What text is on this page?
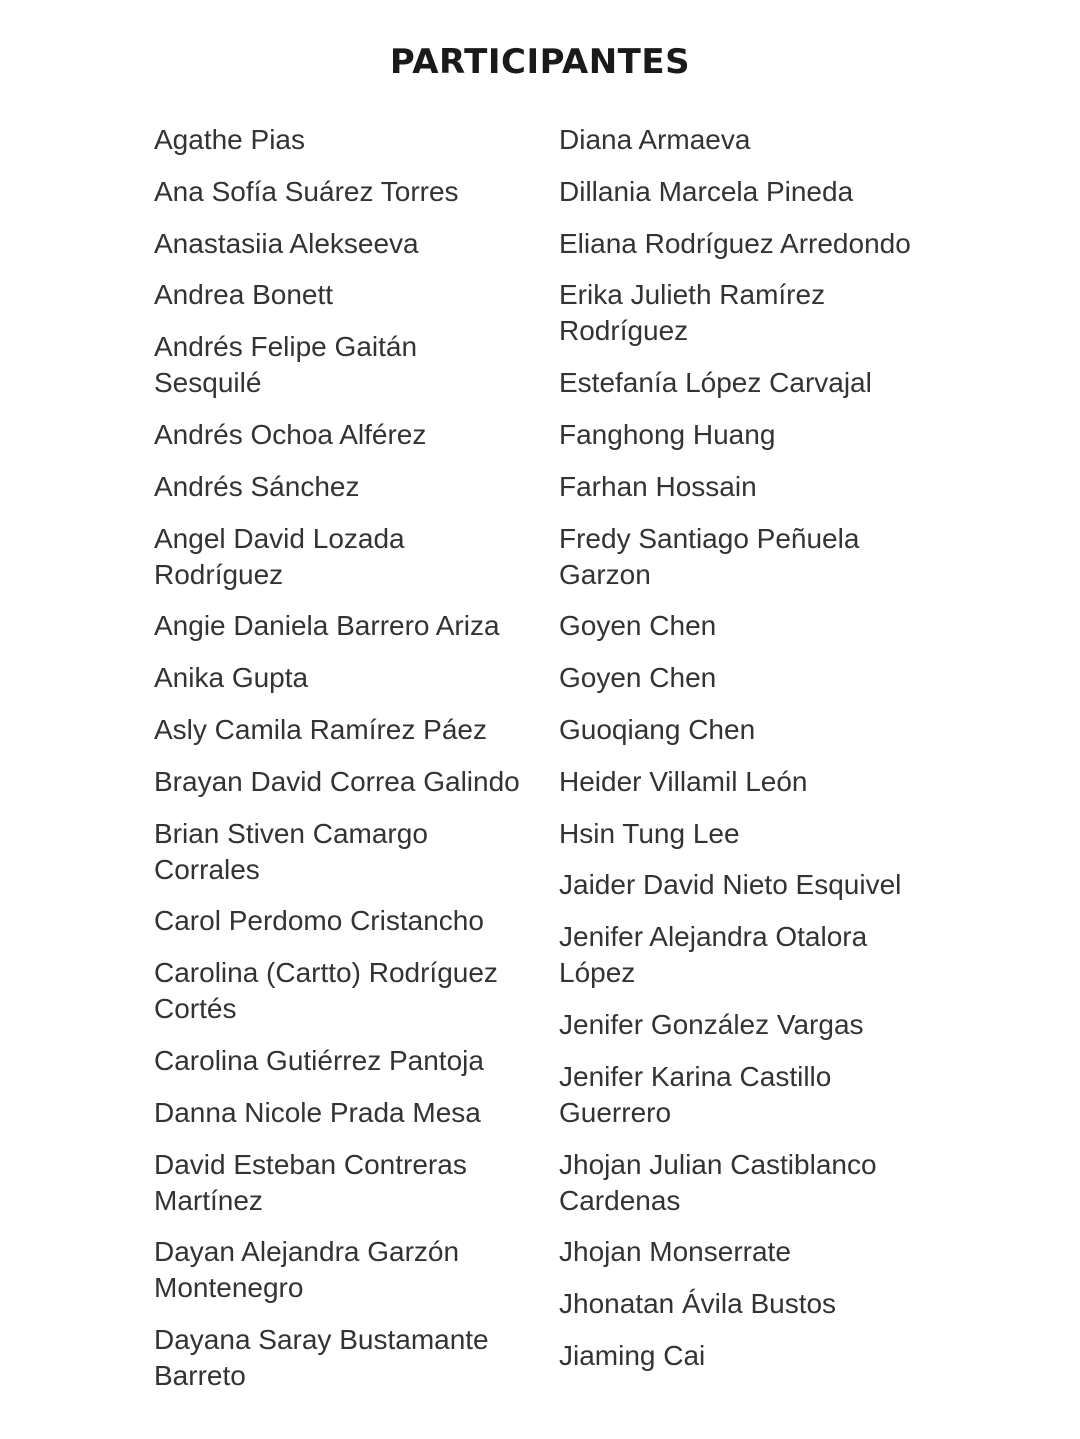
PARTICIPANTES
Agathe Pias
Ana Sofía Suárez Torres
Anastasiia Alekseeva
Andrea Bonett
Andrés Felipe Gaitán Sesquilé
Andrés Ochoa Alférez
Andrés Sánchez
Angel David Lozada Rodríguez
Angie Daniela Barrero Ariza
Anika Gupta
Asly Camila Ramírez Páez
Brayan David Correa Galindo
Brian Stiven Camargo Corrales
Carol Perdomo Cristancho
Carolina (Cartto) Rodríguez Cortés
Carolina Gutiérrez Pantoja
Danna Nicole Prada Mesa
David Esteban Contreras Martínez
Dayan Alejandra Garzón Montenegro
Dayana Saray Bustamante Barreto
Diana Armaeva
Dillania Marcela Pineda
Eliana Rodríguez Arredondo
Erika Julieth Ramírez Rodríguez
Estefanía López Carvajal
Fanghong Huang
Farhan Hossain
Fredy Santiago Peñuela Garzon
Goyen Chen
Goyen Chen
Guoqiang Chen
Heider Villamil León
Hsin Tung Lee
Jaider David Nieto Esquivel
Jenifer Alejandra Otalora López
Jenifer González Vargas
Jenifer Karina Castillo Guerrero
Jhojan Julian Castiblanco Cardenas
Jhojan Monserrate
Jhonatan Ávila Bustos
Jiaming Cai
